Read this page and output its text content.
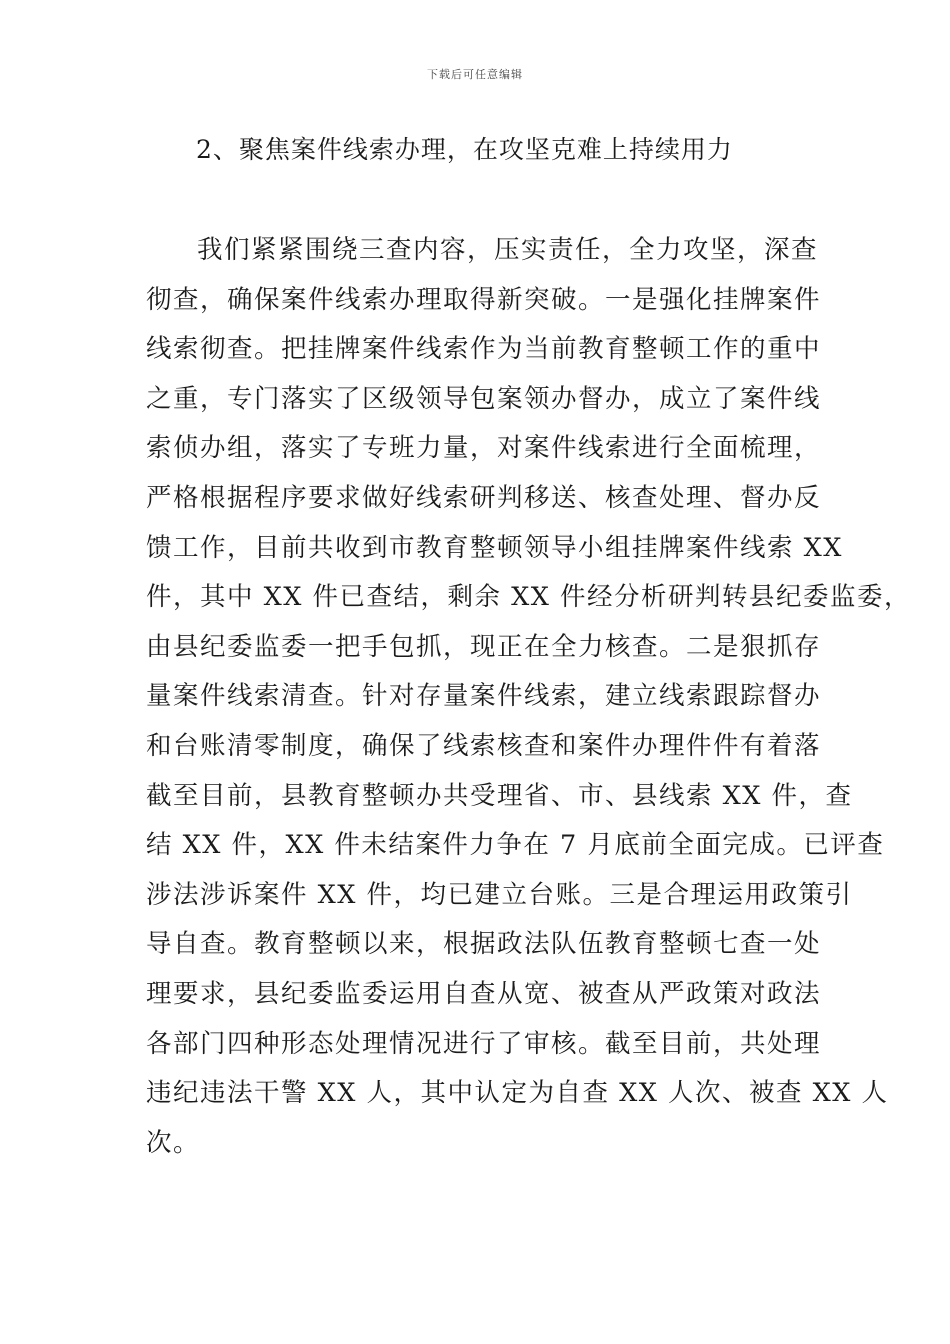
下载后可任意编辑
2、聚焦案件线索办理，在攻坚克难上持续用力
我们紧紧围绕三查内容，压实责任，全力攻坚，深查
彻查，确保案件线索办理取得新突破。一是强化挂牌案件
线索彻查。把挂牌案件线索作为当前教育整顿工作的重中
之重，专门落实了区级领导包案领办督办，成立了案件线
索侦办组，落实了专班力量，对案件线索进行全面梳理，
严格根据程序要求做好线索研判移送、核查处理、督办反
馈工作，目前共收到市教育整顿领导小组挂牌案件线索 XX
件，其中 XX 件已查结，剩余 XX 件经分析研判转县纪委监委，
由县纪委监委一把手包抓，现正在全力核查。二是狠抓存
量案件线索清查。针对存量案件线索，建立线索跟踪督办
和台账清零制度，确保了线索核查和案件办理件件有着落
截至目前，县教育整顿办共受理省、市、县线索 XX 件，查
结 XX 件，XX 件未结案件力争在 7 月底前全面完成。已评查
涉法涉诉案件 XX 件，均已建立台账。三是合理运用政策引
导自查。教育整顿以来，根据政法队伍教育整顿七查一处
理要求，县纪委监委运用自查从宽、被查从严政策对政法
各部门四种形态处理情况进行了审核。截至目前，共处理
违纪违法干警 XX 人，其中认定为自查 XX 人次、被查 XX 人
次。
